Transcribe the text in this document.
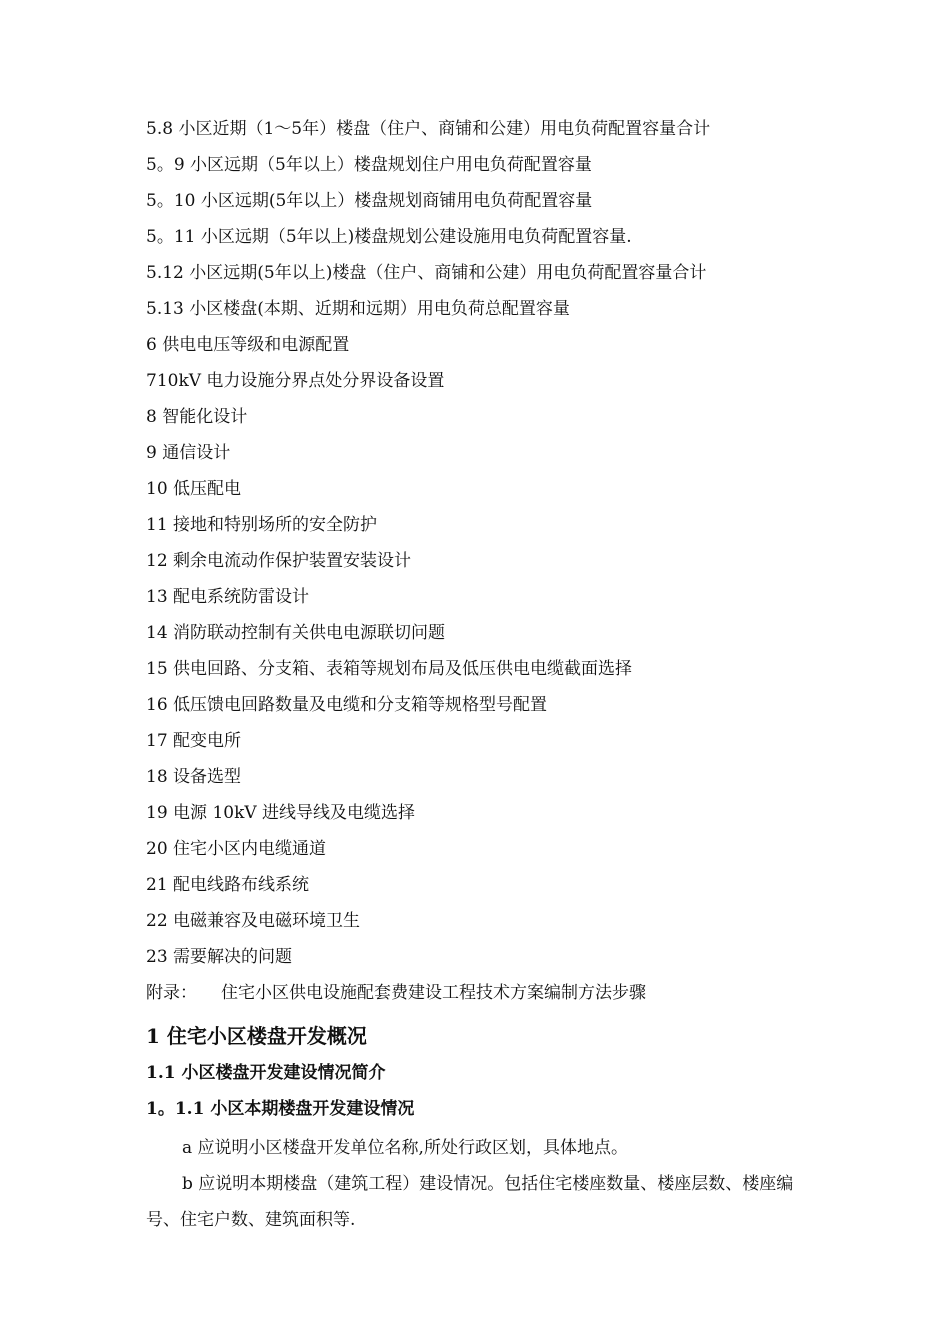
5.8 小区近期（1～5年）楼盘（住户、商铺和公建）用电负荷配置容量合计
5。9 小区远期（5年以上）楼盘规划住户用电负荷配置容量
5。10 小区远期(5年以上）楼盘规划商铺用电负荷配置容量
5。11 小区远期（5年以上)楼盘规划公建设施用电负荷配置容量.
5.12 小区远期(5年以上)楼盘（住户、商铺和公建）用电负荷配置容量合计
5.13 小区楼盘(本期、近期和远期）用电负荷总配置容量
6 供电电压等级和电源配置
710kV 电力设施分界点处分界设备设置
8 智能化设计
9 通信设计
10 低压配电
11 接地和特别场所的安全防护
12 剩余电流动作保护装置安装设计
13 配电系统防雷设计
14 消防联动控制有关供电电源联切问题
15 供电回路、分支箱、表箱等规划布局及低压供电电缆截面选择
16 低压馈电回路数量及电缆和分支箱等规格型号配置
17 配变电所
18 设备选型
19 电源 10kV 进线导线及电缆选择
20 住宅小区内电缆通道
21 配电线路布线系统
22 电磁兼容及电磁环境卫生
23 需要解决的问题
附录： 住宅小区供电设施配套费建设工程技术方案编制方法步骤
1 住宅小区楼盘开发概况
1.1 小区楼盘开发建设情况简介
1。1.1 小区本期楼盘开发建设情况
a 应说明小区楼盘开发单位名称,所处行政区划，具体地点。
b 应说明本期楼盘（建筑工程）建设情况。包括住宅楼座数量、楼座层数、楼座编号、住宅户数、建筑面积等.
